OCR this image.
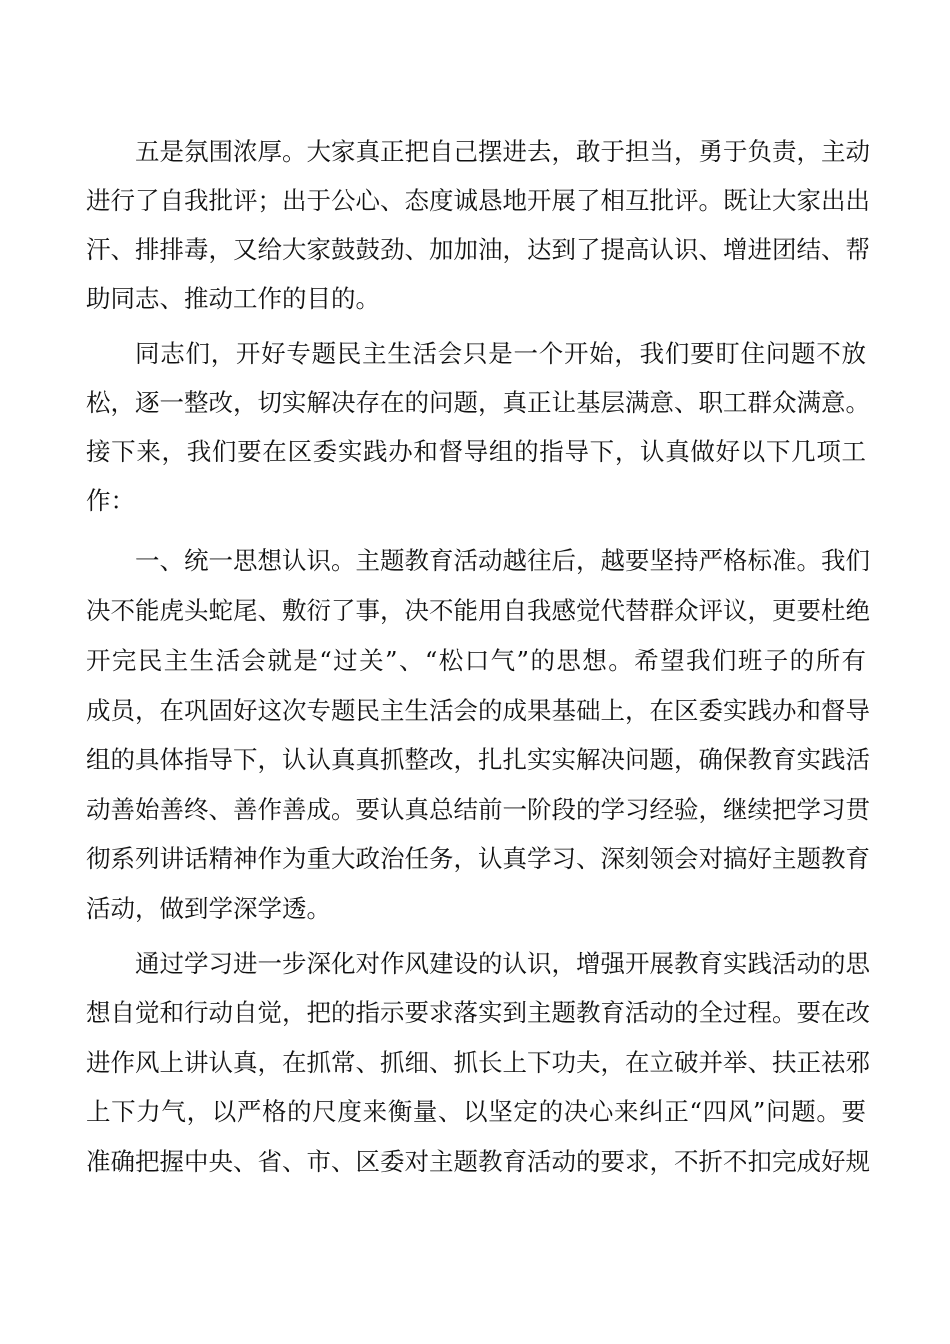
五是氛围浓厚。大家真正把自己摆进去，敢于担当，勇于负责，主动
进行了自我批评；出于公心、态度诚恳地开展了相互批评。既让大家出出
汗、排排毒，又给大家鼓鼓劲、加加油，达到了提高认识、增进团结、帮
助同志、推动工作的目的。
同志们，开好专题民主生活会只是一个开始，我们要盯住问题不放
松，逐一整改，切实解决存在的问题，真正让基层满意、职工群众满意。
接下来，我们要在区委实践办和督导组的指导下，认真做好以下几项工
作：
一、统一思想认识。主题教育活动越往后，越要坚持严格标准。我们
决不能虎头蛇尾、敷衍了事，决不能用自我感觉代替群众评议，更要杜绝
开完民主生活会就是“过关”、“松口气”的思想。希望我们班子的所有
成员，在巩固好这次专题民主生活会的成果基础上，在区委实践办和督导
组的具体指导下，认认真真抓整改，扎扎实实解决问题，确保教育实践活
动善始善终、善作善成。要认真总结前一阶段的学习经验，继续把学习贯
彻系列讲话精神作为重大政治任务，认真学习、深刻领会对搞好主题教育
活动，做到学深学透。
通过学习进一步深化对作风建设的认识，增强开展教育实践活动的思
想自觉和行动自觉，把的指示要求落实到主题教育活动的全过程。要在改
进作风上讲认真，在抓常、抓细、抓长上下功夫，在立破并举、扶正祛邪
上下力气，以严格的尺度来衡量、以坚定的决心来纠正“四风”问题。要
准确把握中央、省、市、区委对主题教育活动的要求，不折不扣完成好规
